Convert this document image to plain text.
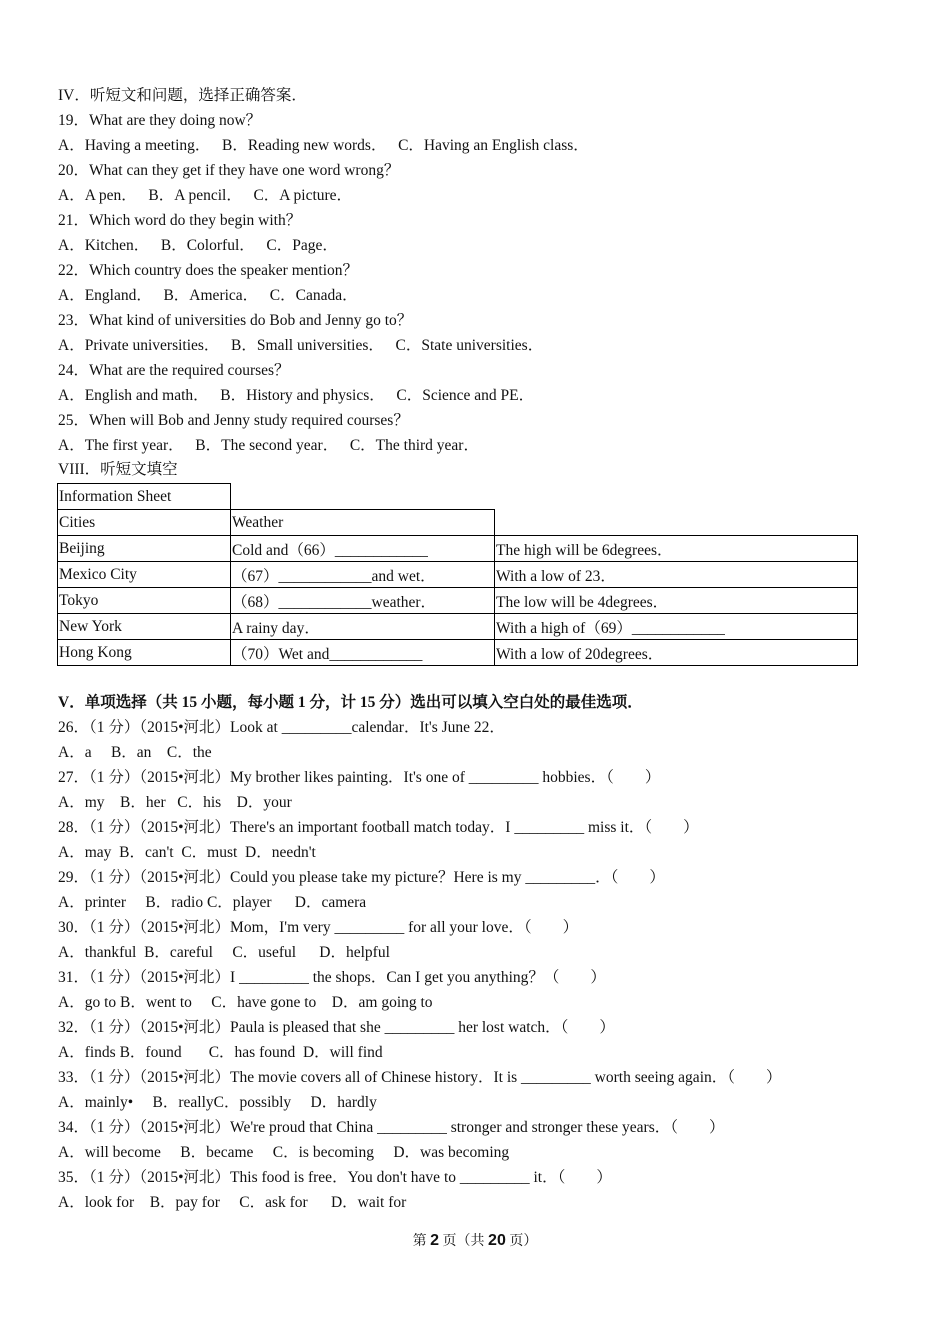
IV．听短文和问题，选择正确答案．
19．What are they doing now？
A．Having a meeting．   B．Reading new words．   C．Having an English class．
20．What can they get if they have one word wrong？
A．A pen．   B．A pencil．   C．A picture．
21．Which word do they begin with？
A．Kitchen．   B．Colorful．   C．Page．
22．Which country does the speaker mention？
A．England．   B．America．   C．Canada．
23．What kind of universities do Bob and Jenny go to？
A．Private universities．   B．Small universities．   C．State universities．
24．What are the required courses？
A．English and math．   B．History and physics．   C．Science and PE．
25．When will Bob and Jenny study required courses？
A．The first year．   B．The second year．   C．The third year．
VIII．听短文填空
Information Sheet		
Cities	Weather	
Beijing	Cold and（66）____________	The high will be 6degrees．
Mexico City	（67）____________and wet．	With a low of 23．
Tokyo	（68）____________weather．	The low will be 4degrees．
New York	A rainy day．	With a high of（69）____________
Hong Kong	（70）Wet and____________	With a low of 20degrees．
V．单项选择（共 15 小题，每小题 1 分，计 15 分）选出可以填入空白处的最佳选项．
26．（1 分）（2015•河北）Look at _________calendar．It's June 22．
A．a     B．an    C．the
27．（1 分）（2015•河北）My brother likes painting．It's one of _________ hobbies．（　　）
A．my    B．her   C．his    D．your
28．（1 分）（2015•河北）There's an important football match today．I _________ miss it．（　　）
A．may  B．can't  C．must  D．needn't
29．（1 分）（2015•河北）Could you please take my picture？Here is my _________．（　　）
A．printer     B．radio C．player      D．camera
30．（1 分）（2015•河北）Mom，I'm very _________ for all your love．（　　）
A．thankful  B．careful     C．useful      D．helpful
31．（1 分）（2015•河北）I _________ the shops．Can I get you anything？（　　）
A．go to B．went to     C．have gone to    D．am going to
32．（1 分）（2015•河北）Paula is pleased that she _________ her lost watch．（　　）
A．finds B．found       C．has found  D．will find
33．（1 分）（2015•河北）The movie covers all of Chinese history．It is _________ worth seeing again．（　　）
A．mainly•     B．reallyC．possibly     D．hardly
34．（1 分）（2015•河北）We're proud that China _________ stronger and stronger these years．（　　）
A．will become     B．became     C．is becoming     D．was becoming
35．（1 分）（2015•河北）This food is free．You don't have to _________ it．（　　）
A．look for    B．pay for     C．ask for      D．wait for
第 2 页（共 20 页）
